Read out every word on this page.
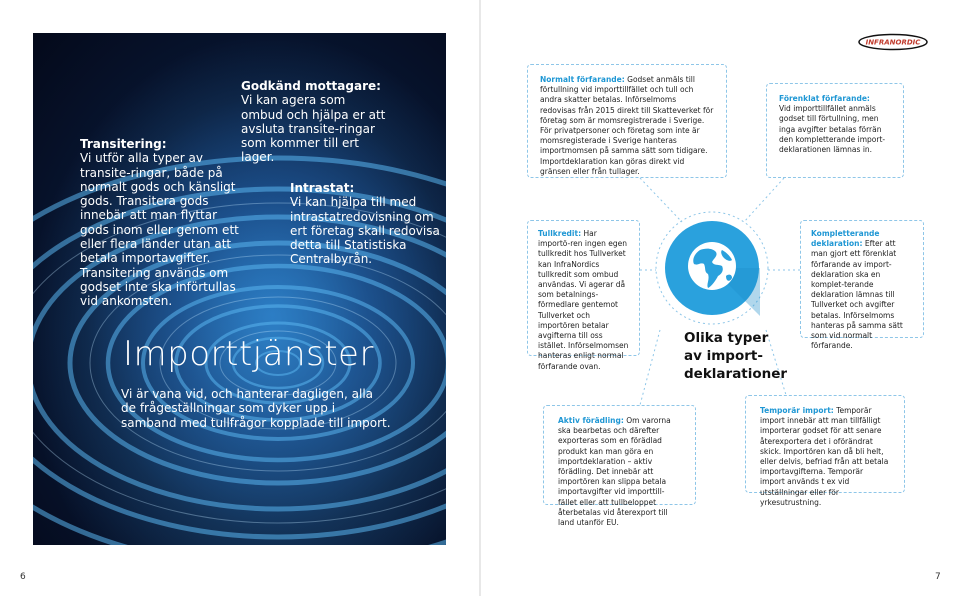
Transitering:
Vi utför alla typer av transite-ringar, både på normalt gods och känsligt gods. Transitera gods innebär att man flyttar gods inom eller genom ett eller flera länder utan att betala importavgifter. Transitering används om godset inte ska införtullas vid ankomsten.
Godkänd mottagare:
Vi kan agera som ombud och hjälpa er att avsluta transite-ringar som kommer till ert lager.
Intrastat:
Vi kan hjälpa till med intrastatredovisning om ert företag skall redovisa detta till Statistiska Centralbyrån.
Importtjänster
Vi är vana vid, och hanterar dagligen, alla de frågeställningar som dyker upp i samband med tullfrågor kopplade till import.
6	7
INFRANORDIC
Olika typer
av import-
deklarationer
Normalt förfarande: Godset anmäls till förtullning vid importtillfället och tull och andra skatter betalas. Införselmoms redovisas från 2015 direkt till Skatteverket för företag som är momsregistrerade i Sverige. För privatpersoner och företag som inte är momsregisterade i Sverige hanteras importmomsen på samma sätt som tidigare. Importdeklaration kan göras direkt vid gränsen eller från tullager.
Förenklat förfarande:
Vid importtillfället anmäls godset till förtullning, men inga avgifter betalas förrän den kompletterande import-deklarationen lämnas in.
Tullkredit: Har importö-ren ingen egen tullkredit hos Tullverket kan InfraNordics tullkredit som ombud användas. Vi agerar då som betalnings-förmedlare gentemot Tullverket och importören betalar avgifterna till oss istället. Införselmomsen hanteras enligt normal förfarande ovan.
Kompletterande deklaration: Efter att man gjort ett förenklat förfarande av import-deklaration ska en komplet-terande deklaration lämnas till Tullverket och avgifter betalas. Införselmoms hanteras på samma sätt som vid normalt förfarande.
Aktiv förädling: Om varorna ska bearbetas och därefter exporteras som en förädlad produkt kan man göra en importdeklaration – aktiv förädling. Det innebär att importören kan slippa betala importavgifter vid importtill-fället eller att tullbeloppet återbetalas vid återexport till land utanför EU.
Temporär import: Temporär import innebär att man tillfälligt importerar godset för att senare återexportera det i oförändrat skick. Importören kan då bli helt, eller delvis, befriad från att betala importavgifterna. Temporär import används t ex vid utställningar eller för yrkesutrustning.
